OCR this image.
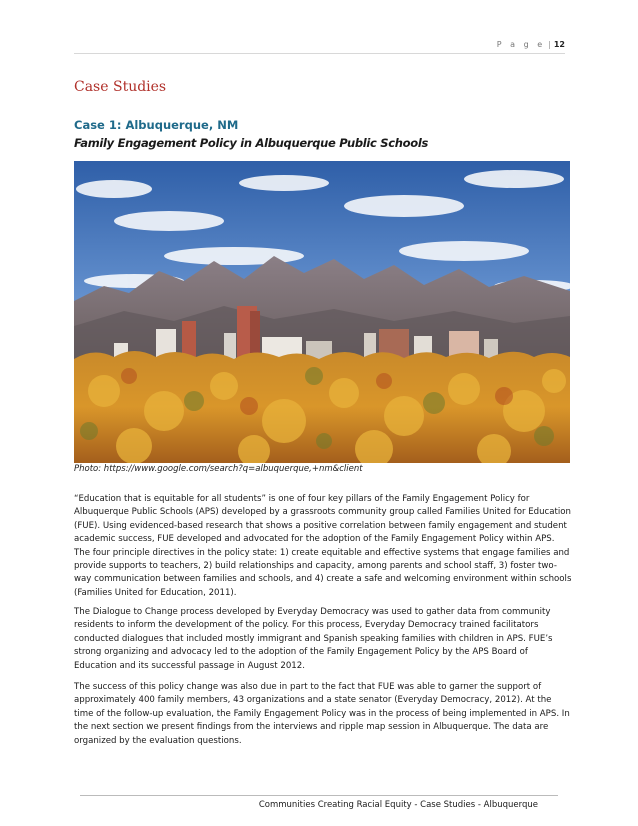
P a g e | 12
Case Studies
Case 1: Albuquerque, NM
Family Engagement Policy in Albuquerque Public Schools
Photo: https://www.google.com/search?q=albuquerque,+nm&client
“Education that is equitable for all students” is one of four key pillars of the Family Engagement Policy for Albuquerque Public Schools (APS) developed by a grassroots community group called Families United for Education (FUE). Using evidenced-based research that shows a positive correlation between family engagement and student academic success, FUE developed and advocated for the adoption of the Family Engagement Policy within APS. The four principle directives in the policy state: 1) create equitable and effective systems that engage families and provide supports to teachers, 2) build relationships and capacity, among parents and school staff, 3) foster two-way communication between families and schools, and 4) create a safe and welcoming environment within schools (Families United for Education, 2011).
The Dialogue to Change process developed by Everyday Democracy was used to gather data from community residents to inform the development of the policy. For this process, Everyday Democracy trained facilitators conducted dialogues that included mostly immigrant and Spanish speaking families with children in APS. FUE’s strong organizing and advocacy led to the adoption of the Family Engagement Policy by the APS Board of Education and its successful passage in August 2012.
The success of this policy change was also due in part to the fact that FUE was able to garner the support of approximately 400 family members, 43 organizations and a state senator (Everyday Democracy, 2012). At the time of the follow-up evaluation, the Family Engagement Policy was in the process of being implemented in APS. In the next section we present findings from the interviews and ripple map session in Albuquerque. The data are organized by the evaluation questions.
Communities Creating Racial Equity - Case Studies - Albuquerque
